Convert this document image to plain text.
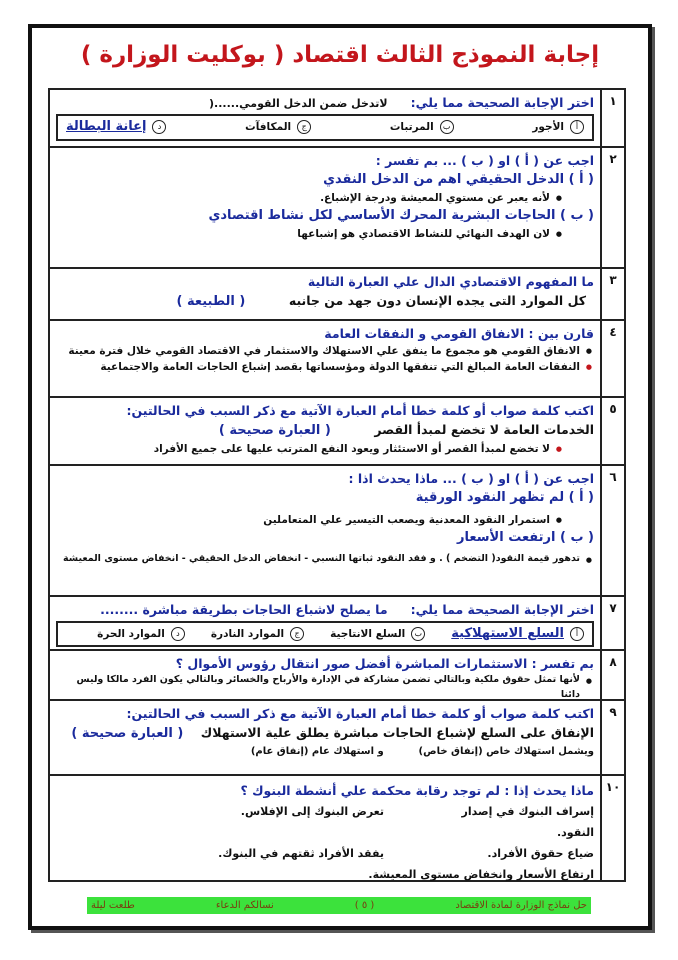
إجابة النموذج الثالث اقتصاد ( بوكليت الوزارة )
١
اختر الإجابة الصحيحة مما يلي:      لاتدخل ضمن الدخل القومي......(
أ
الأجور
ب
المرتبات
ج
المكافآت
د
إعانة البطالة
٢
اجب عن ( أ ) او ( ب ) ... بم تفسر :
( أ ) الدخل الحقيقي اهم من الدخل النقدي
● لأنه يعبر عن مستوي المعيشة ودرجة الإشباع.
( ب ) الحاجات البشرية المحرك الأساسي لكل نشاط اقتصادي
● لان الهدف النهائي للنشاط الاقتصادي هو إشباعها
٣
ما المفهوم الاقتصادي الدال علي العبارة التالية
كل الموارد التى يجده الإنسان دون جهد من جانبه          ( الطبيعة )
٤
قارن بين : الانفاق القومي و النفقات العامة
● الانفاق القومي هو مجموع ما ينفق علي الاستهلاك والاستثمار في الاقتصاد القومي خلال فترة معينة
● النفقات العامة المبالغ التي تنفقها الدولة ومؤسساتها بقصد إشباع الحاجات العامة والاجتماعية
٥
اكتب كلمة صواب أو كلمة خطا أمام العبارة الآتية مع ذكر السبب في الحالتين:
الخدمات العامة لا تخضع لمبدأ القصر          ( العبارة صحيحة )
● لا تخضع لمبدأ القصر أو الاستئثار ويعود النفع المترتب عليها على جميع الأفراد
٦
اجب عن ( أ ) او ( ب ) ... ماذا يحدث اذا :
( أ ) لم تظهر النقود الورقية
● استمرار النقود المعدنية ويصعب التيسير علي المتعاملين
( ب ) ارتفعت الأسعار
● تدهور قيمة النقود( التضخم ) . و فقد النقود ثباتها النسبي - انخفاض الدخل الحقيقي - انخفاض مستوى المعيشة
٧
اختر الإجابة الصحيحة مما يلي:      ما يصلح لاشباع الحاجات بطريقة مباشرة ........
أ
السلع الاستهلاكية
ب
السلع الانتاجية
ج
الموارد النادرة
د
الموارد الحرة
٨
بم تفسر : الاستثمارات المباشرة أفضل صور انتقال رؤوس الأموال ؟
● لأنها تمثل حقوق ملكية وبالتالي تضمن مشاركة في الإدارة والأرباح والخسائر وبالتالي يكون الفرد مالكا وليس دائنا
٩
اكتب كلمة صواب أو كلمة خطا أمام العبارة الآتية مع ذكر السبب في الحالتين:
الإنفاق على السلع لإشباع الحاجات مباشرة يطلق علية الاستهلاك    ( العبارة صحيحة )
ويشمل استهلاك خاص (إنفاق خاص)          و استهلاك عام (إنفاق عام)
١٠
ماذا يحدث إذا : لم توجد رقابة محكمة علي أنشطة البنوك ؟
إسراف البنوك في إصدار النقود.
تعرض البنوك إلى الإفلاس.
ضياع حقوق الأفراد.
يفقد الأفراد ثقتهم في البنوك.
ارتفاع الأسعار وانخفاض مستوى المعيشة.
حل نماذج الوزارة لمادة الاقتصاد
( ٥ )
نسالكم الدعاء
طلعت ليلة
